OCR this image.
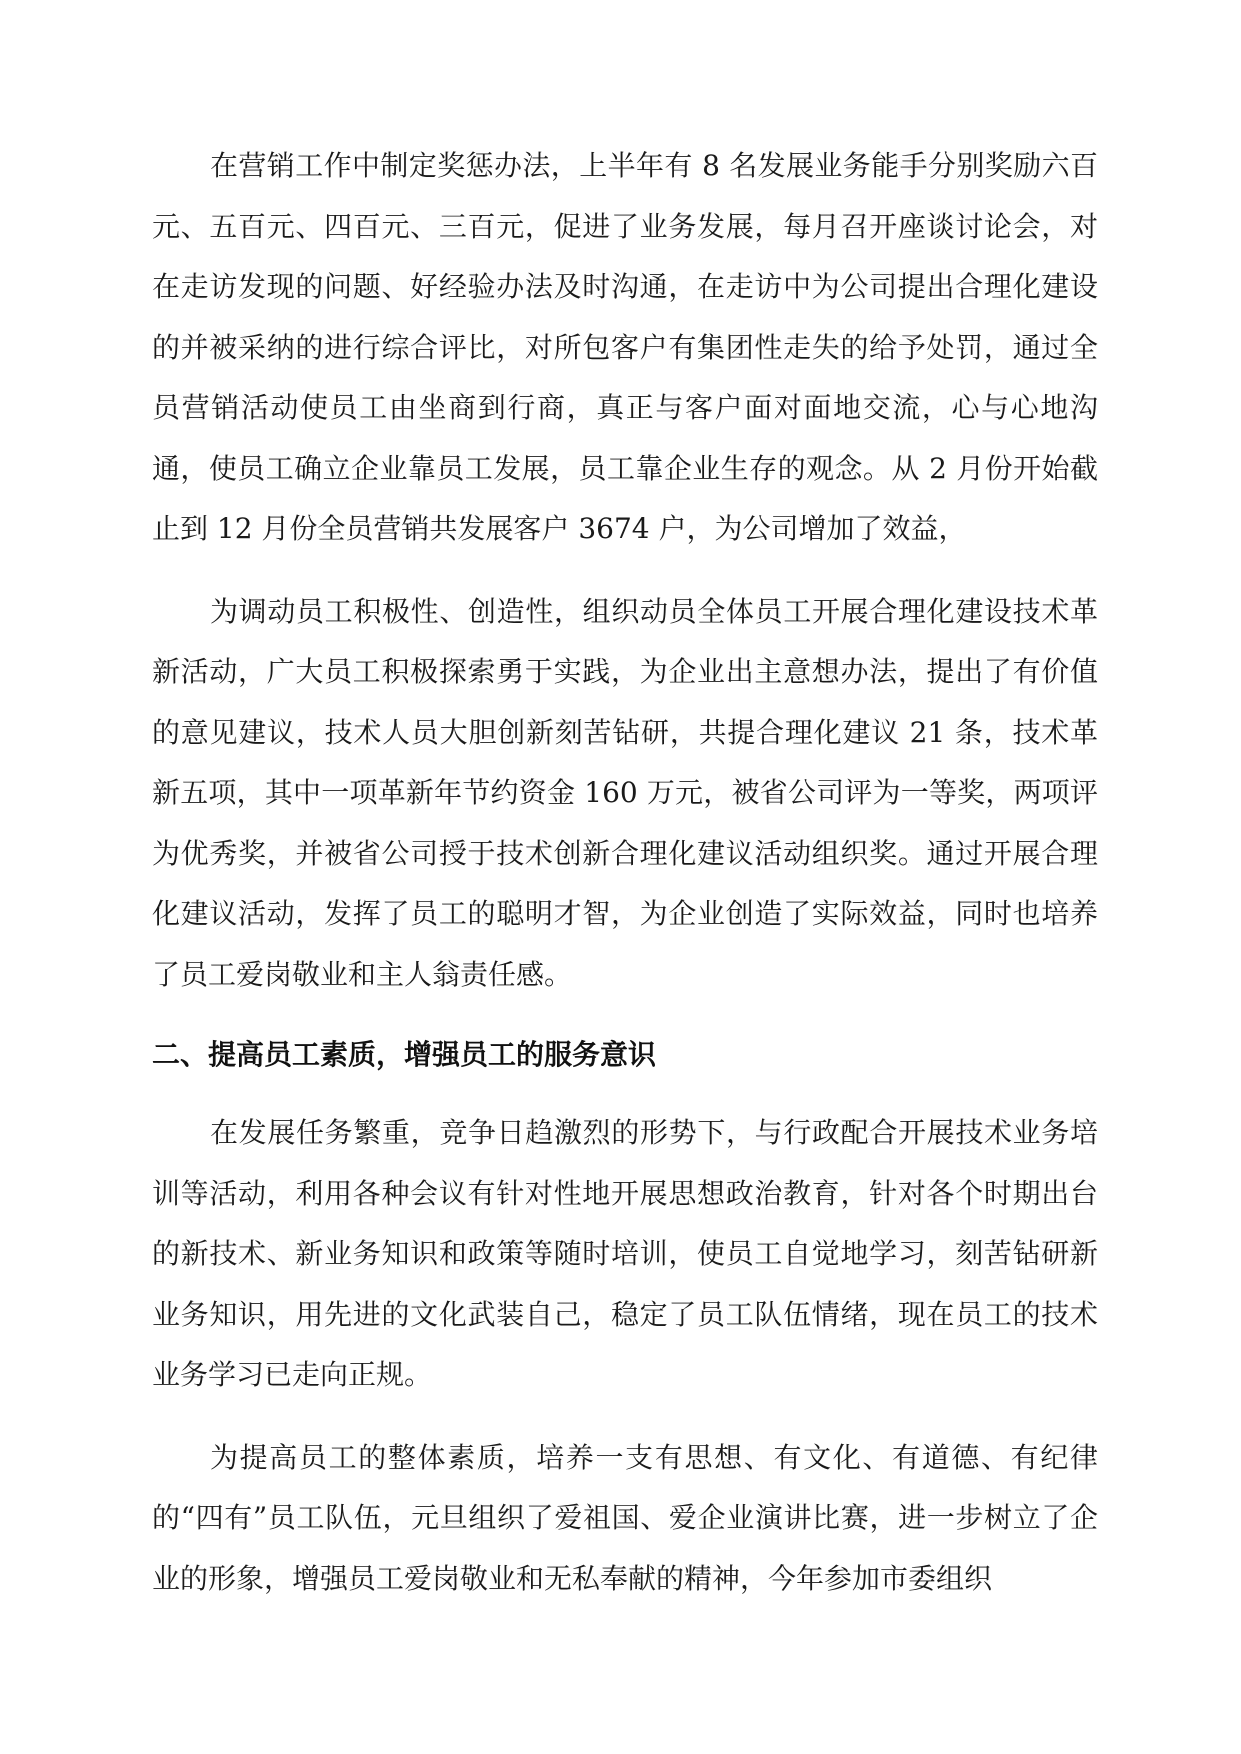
在营销工作中制定奖惩办法，上半年有 8 名发展业务能手分别奖励六百元、五百元、四百元、三百元，促进了业务发展，每月召开座谈讨论会，对在走访发现的问题、好经验办法及时沟通，在走访中为公司提出合理化建设的并被采纳的进行综合评比，对所包客户有集团性走失的给予处罚，通过全员营销活动使员工由坐商到行商，真正与客户面对面地交流，心与心地沟通，使员工确立企业靠员工发展，员工靠企业生存的观念。从 2 月份开始截止到 12 月份全员营销共发展客户 3674 户，为公司增加了效益，

为调动员工积极性、创造性，组织动员全体员工开展合理化建设技术革新活动，广大员工积极探索勇于实践，为企业出主意想办法，提出了有价值的意见建议，技术人员大胆创新刻苦钻研，共提合理化建议 21 条，技术革新五项，其中一项革新年节约资金 160 万元，被省公司评为一等奖，两项评为优秀奖，并被省公司授于技术创新合理化建议活动组织奖。通过开展合理化建议活动，发挥了员工的聪明才智，为企业创造了实际效益，同时也培养了员工爱岗敬业和主人翁责任感。

二、提高员工素质，增强员工的服务意识

在发展任务繁重，竞争日趋激烈的形势下，与行政配合开展技术业务培训等活动，利用各种会议有针对性地开展思想政治教育，针对各个时期出台的新技术、新业务知识和政策等随时培训，使员工自觉地学习，刻苦钻研新业务知识，用先进的文化武装自己，稳定了员工队伍情绪，现在员工的技术业务学习已走向正规。

为提高员工的整体素质，培养一支有思想、有文化、有道德、有纪律的“四有”员工队伍，元旦组织了爱祖国、爱企业演讲比赛，进一步树立了企业的形象，增强员工爱岗敬业和无私奉献的精神，今年参加市委组织
